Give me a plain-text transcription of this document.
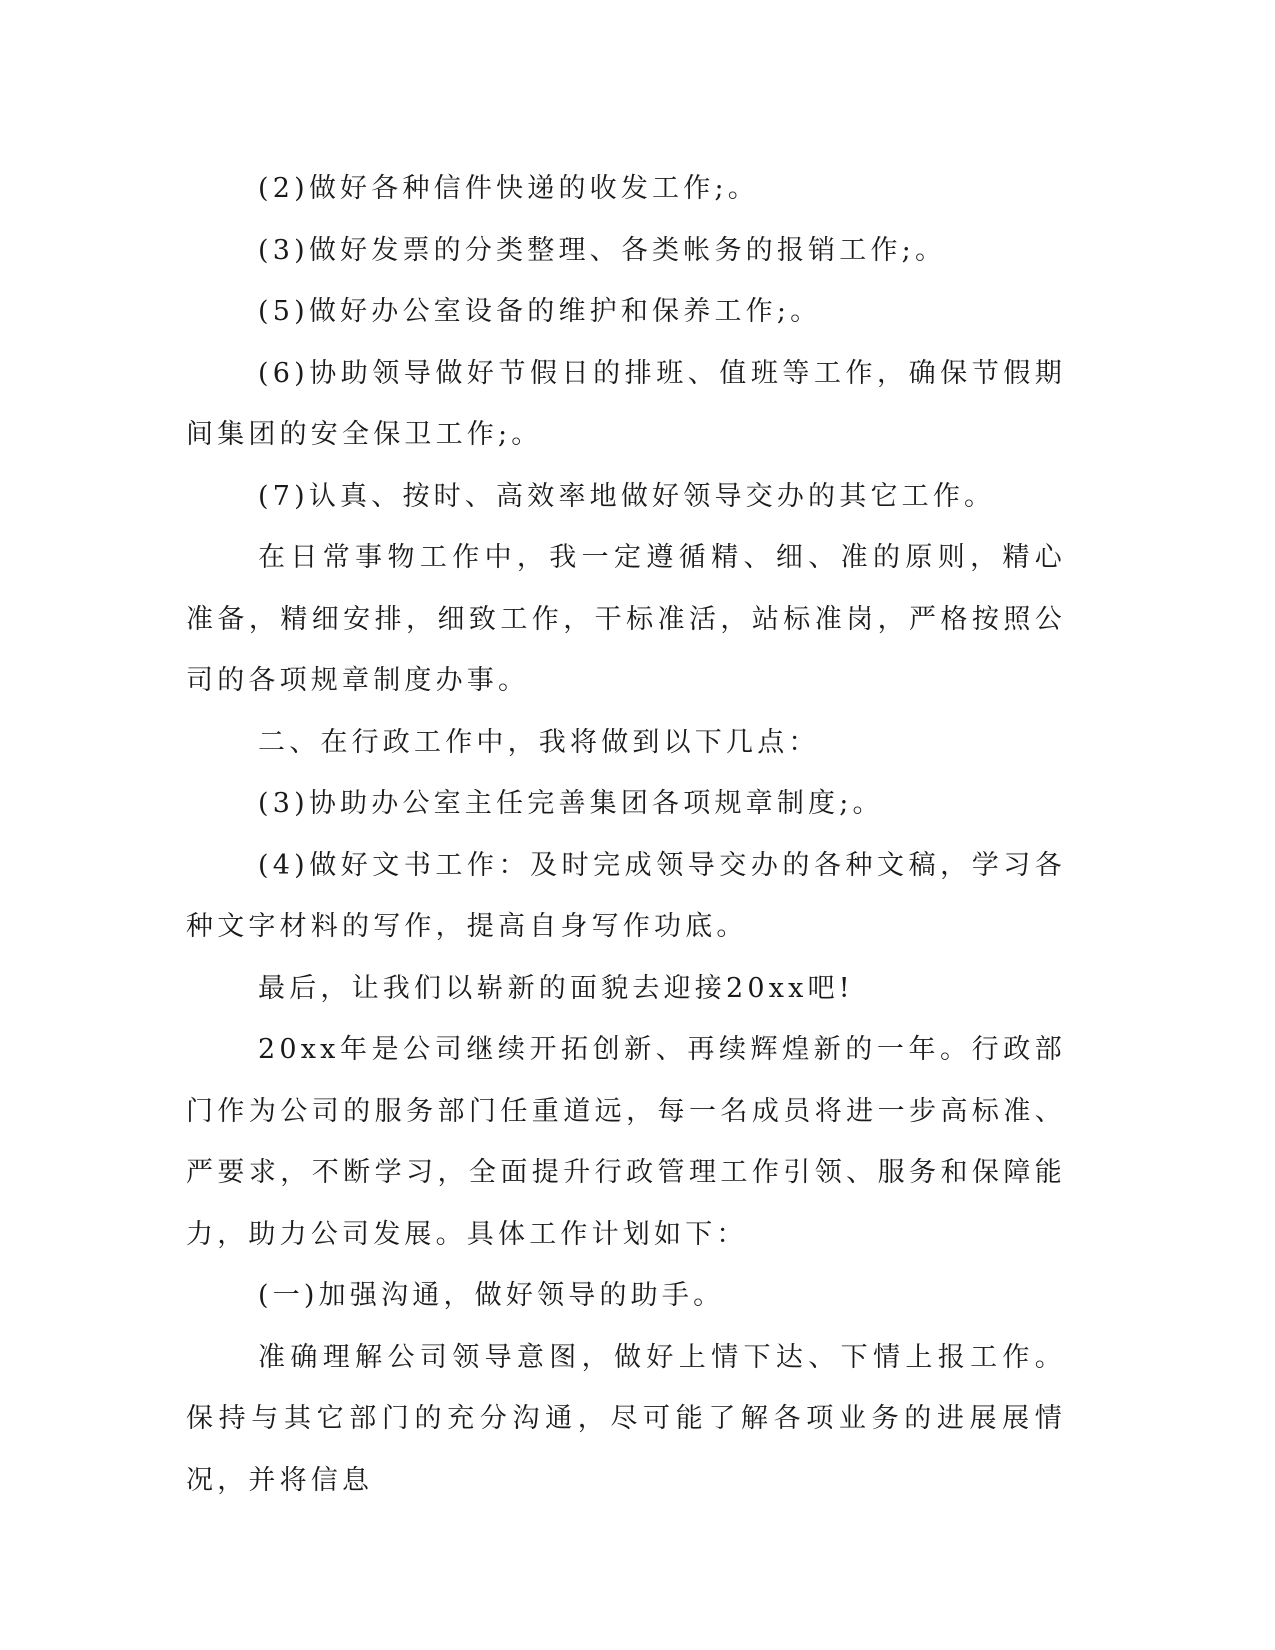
(2)做好各种信件快递的收发工作;。

(3)做好发票的分类整理、各类帐务的报销工作;。

(5)做好办公室设备的维护和保养工作;。

(6)协助领导做好节假日的排班、值班等工作，确保节假期间集团的安全保卫工作;。

(7)认真、按时、高效率地做好领导交办的其它工作。

在日常事物工作中，我一定遵循精、细、准的原则，精心准备，精细安排，细致工作，干标准活，站标准岗，严格按照公司的各项规章制度办事。

二、在行政工作中，我将做到以下几点：

(3)协助办公室主任完善集团各项规章制度;。

(4)做好文书工作：及时完成领导交办的各种文稿，学习各种文字材料的写作，提高自身写作功底。

最后，让我们以崭新的面貌去迎接20xx吧!

20xx年是公司继续开拓创新、再续辉煌新的一年。行政部门作为公司的服务部门任重道远，每一名成员将进一步高标准、严要求，不断学习，全面提升行政管理工作引领、服务和保障能力，助力公司发展。具体工作计划如下：

(一)加强沟通，做好领导的助手。

准确理解公司领导意图，做好上情下达、下情上报工作。保持与其它部门的充分沟通，尽可能了解各项业务的进展展情况，并将信息
